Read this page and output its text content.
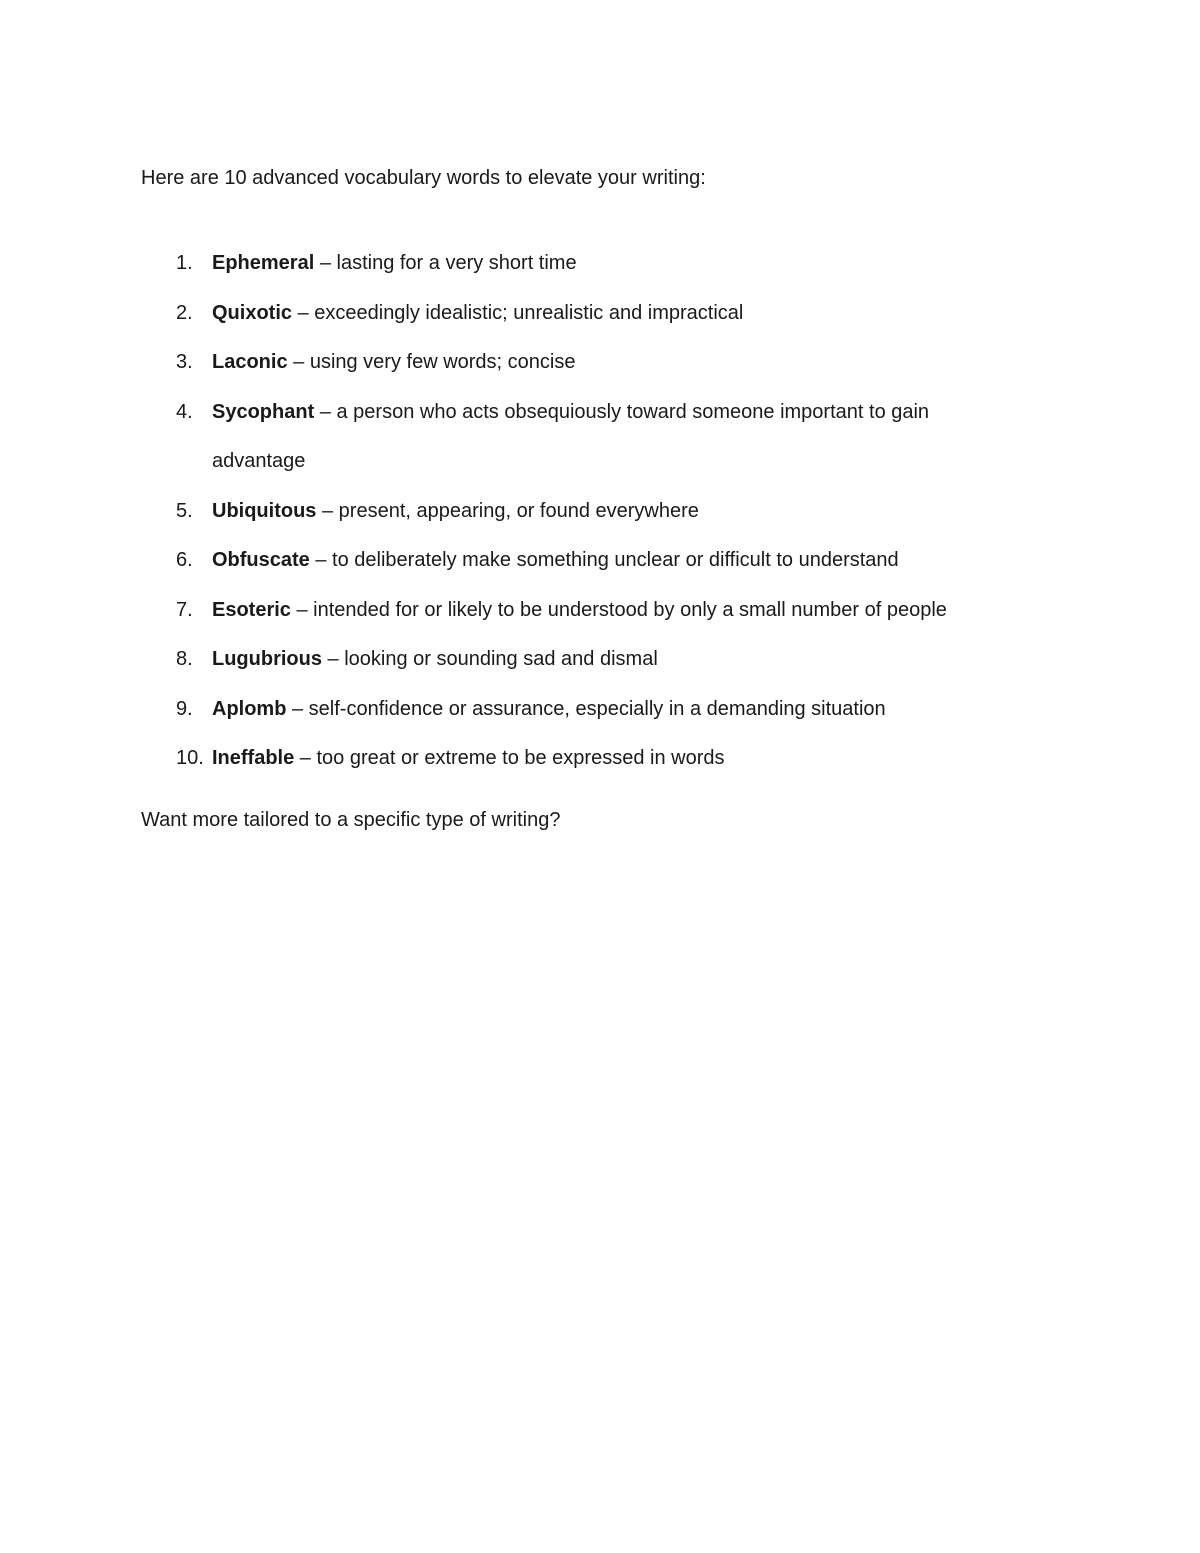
Here are 10 advanced vocabulary words to elevate your writing:
1. Ephemeral – lasting for a very short time
2. Quixotic – exceedingly idealistic; unrealistic and impractical
3. Laconic – using very few words; concise
4. Sycophant – a person who acts obsequiously toward someone important to gain
advantage
5. Ubiquitous – present, appearing, or found everywhere
6. Obfuscate – to deliberately make something unclear or difficult to understand
7. Esoteric – intended for or likely to be understood by only a small number of people
8. Lugubrious – looking or sounding sad and dismal
9. Aplomb – self-confidence or assurance, especially in a demanding situation
10. Ineffable – too great or extreme to be expressed in words
Want more tailored to a specific type of writing?
